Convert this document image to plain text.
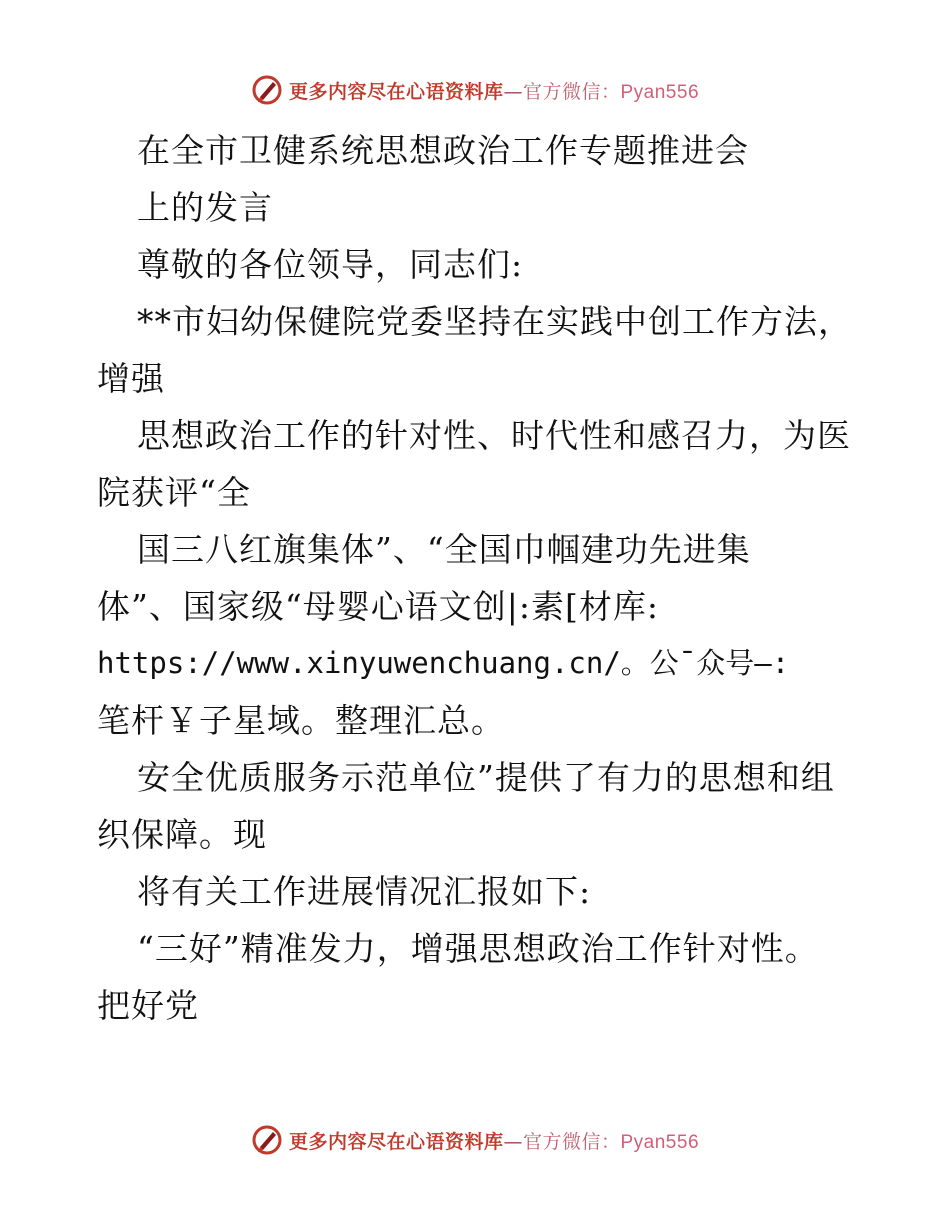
更多内容尽在心语资料库—官方微信：Pyan556
在全市卫健系统思想政治工作专题推进会
上的发言
尊敬的各位领导，同志们:
**市妇幼保健院党委坚持在实践中创工作方法，
增强
思想政治工作的针对性、时代性和感召力，为医
院获评“全
国三八红旗集体”、“全国巾帼建功先进集
体”、国家级“母婴心语文创|:素[材库:
https://www.xinyuwenchuang.cn/。公¯众号—:
笔杆￥子星域。整理汇总。
安全优质服务示范单位”提供了有力的思想和组
织保障。现
将有关工作进展情况汇报如下:
“三好”精准发力，增强思想政治工作针对性。
把好党
更多内容尽在心语资料库—官方微信：Pyan556
